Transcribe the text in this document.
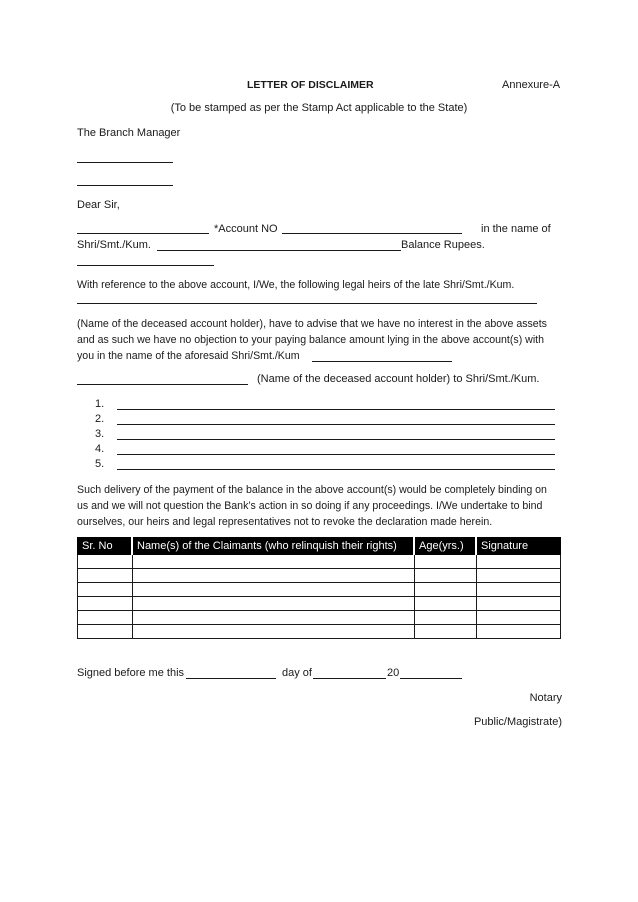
LETTER OF DISCLAIMER	Annexure-A
(To be stamped as per the Stamp Act applicable to the State)
The Branch Manager
Dear Sir,
*Account NO	in the name of
Shri/Smt./Kum.	Balance Rupees.
With reference to the above account, I/We, the following legal heirs of the late Shri/Smt./Kum.
(Name of the deceased account holder), have to advise that we have no interest in the above assets
and as such we have no objection to your paying balance amount lying in the above account(s) with
you in the name of the aforesaid Shri/Smt./Kum
(Name of the deceased account holder) to Shri/Smt./Kum.
1.
2.
3.
4.
5.
Such delivery of the payment of the balance in the above account(s) would be completely binding on
us and we will not question the Bank’s action in so doing if any proceedings. I/We undertake to bind
ourselves, our heirs and legal representatives not to revoke the declaration made herein.
Sr. No	Name(s) of the Claimants (who relinquish their rights)	Age(yrs.)	Signature

Signed before me this	day of	20
Notary
Public/Magistrate)
